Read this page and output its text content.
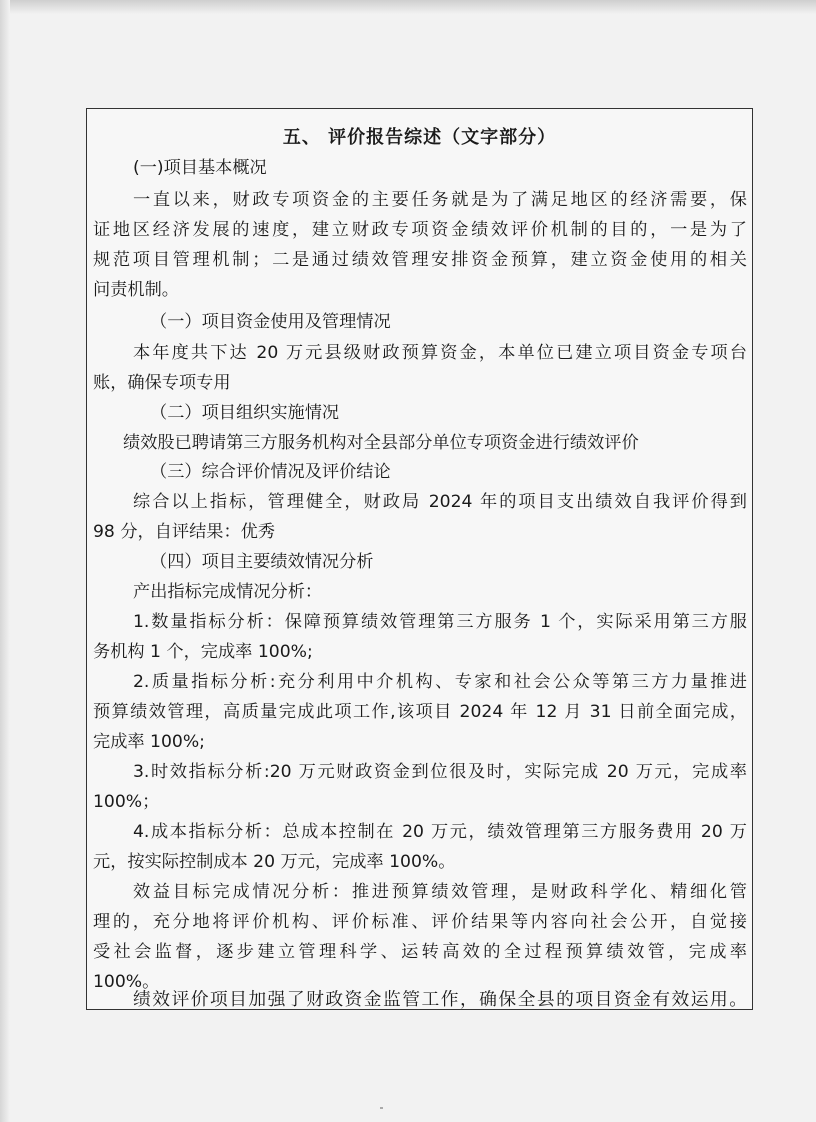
五、 评价报告综述（文字部分）
(一)项目基本概况
一直以来，财政专项资金的主要任务就是为了满足地区的经济需要，保
证地区经济发展的速度，建立财政专项资金绩效评价机制的目的，一是为了
规范项目管理机制；二是通过绩效管理安排资金预算，建立资金使用的相关
问责机制。
（一）项目资金使用及管理情况
本年度共下达 20 万元县级财政预算资金，本单位已建立项目资金专项台
账，确保专项专用
（二）项目组织实施情况
绩效股已聘请第三方服务机构对全县部分单位专项资金进行绩效评价
（三）综合评价情况及评价结论
综合以上指标，管理健全，财政局 2024 年的项目支出绩效自我评价得到
98 分，自评结果：优秀
（四）项目主要绩效情况分析
产出指标完成情况分析：
1.数量指标分析：保障预算绩效管理第三方服务 1 个，实际采用第三方服
务机构 1 个，完成率 100%;
2.质量指标分析:充分利用中介机构、专家和社会公众等第三方力量推进
预算绩效管理，高质量完成此项工作,该项目 2024 年 12 月 31 日前全面完成，
完成率 100%;
3.时效指标分析:20 万元财政资金到位很及时，实际完成 20 万元，完成率
100%；
4.成本指标分析：总成本控制在 20 万元，绩效管理第三方服务费用 20 万
元，按实际控制成本 20 万元，完成率 100%。
效益目标完成情况分析：推进预算绩效管理，是财政科学化、精细化管
理的，充分地将评价机构、评价标准、评价结果等内容向社会公开，自觉接
受社会监督，逐步建立管理科学、运转高效的全过程预算绩效管，完成率
100%。
绩效评价项目加强了财政资金监管工作，确保全县的项目资金有效运用。
